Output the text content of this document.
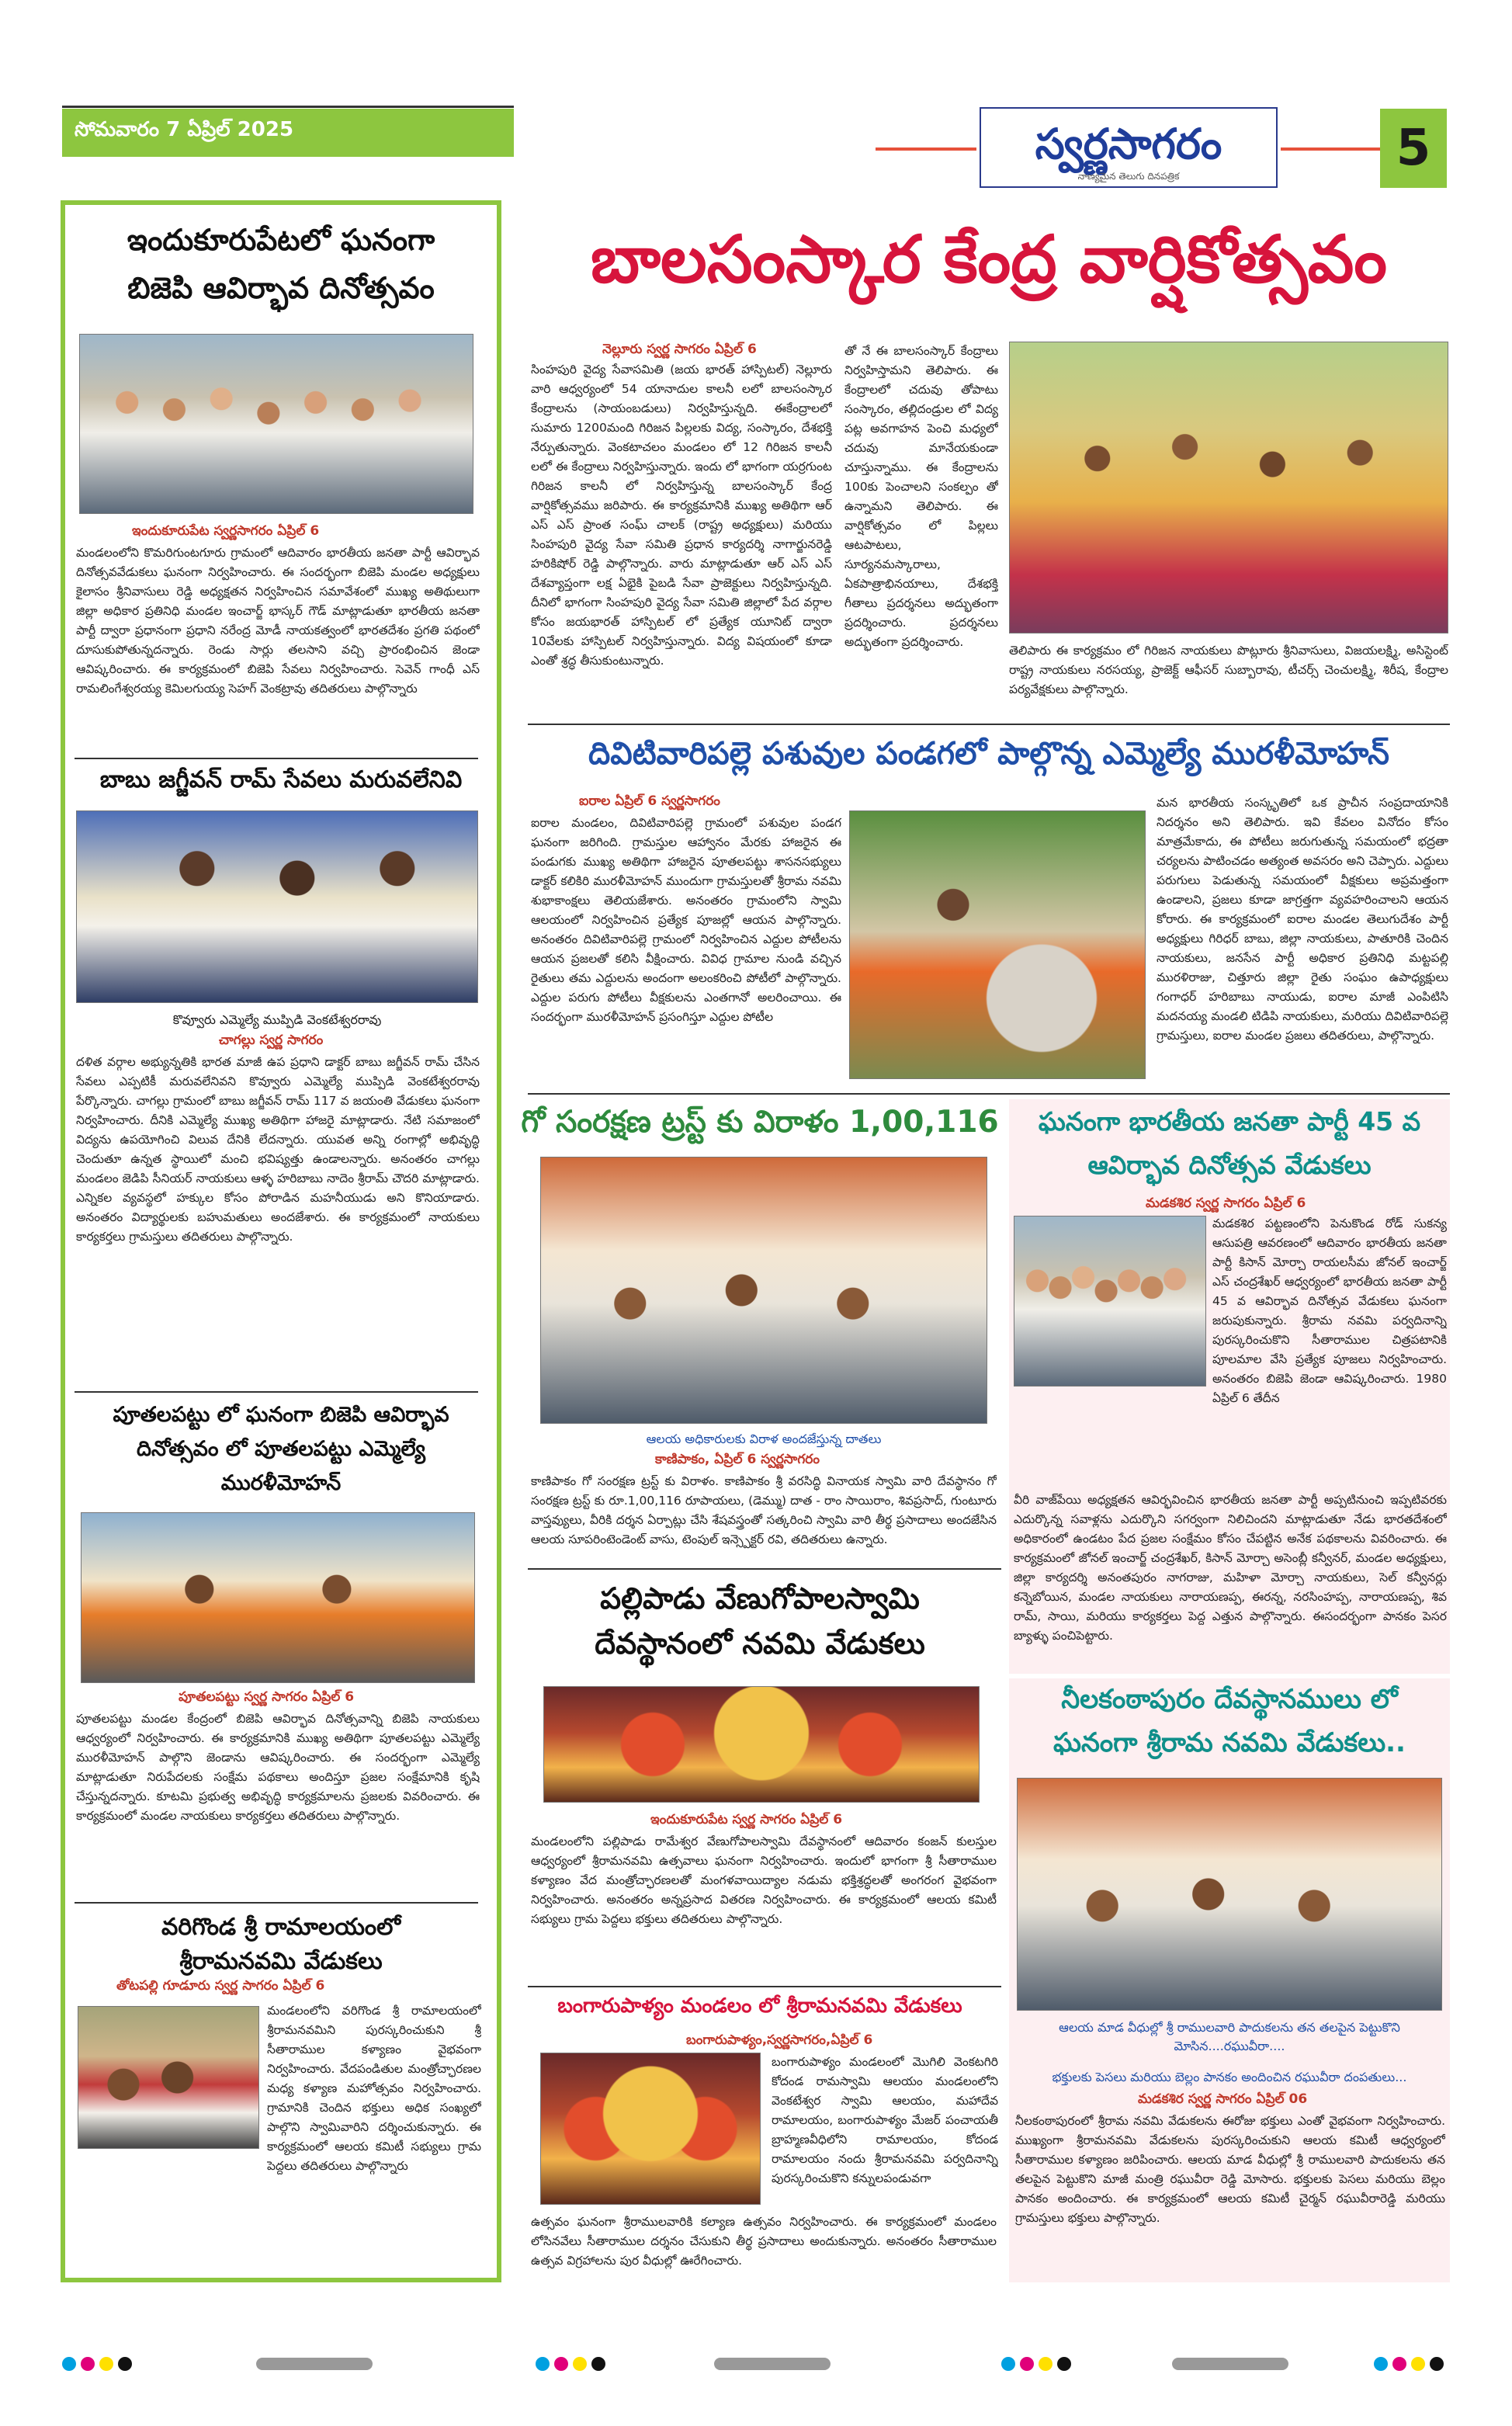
సోమవారం 7 ఏప్రిల్ 2025	స్వర్ణసాగరం
నాణ్యమైన తెలుగు దినపత్రిక	5
ఇందుకూరుపేటలో ఘనంగా
బిజెపి ఆవిర్భావ దినోత్సవం
ఇందుకూరుపేట స్వర్ణసాగరం ఏప్రిల్ 6
మండలంలోని కొమరిగుంటగూరు గ్రామంలో ఆదివారం భారతీయ జనతా పార్టీ ఆవిర్భావ దినోత్సవవేడుకలు ఘనంగా నిర్వహించారు. ఈ సందర్భంగా బిజెపి మండల అధ్యక్షులు కైలాసం శ్రీనివాసులు రెడ్డి అధ్యక్షతన నిర్వహించిన సమావేశంలో ముఖ్య అతిథులుగా జిల్లా అధికార ప్రతినిధి మండల ఇంచార్జ్ భాస్కర్ గౌడ్ మాట్లాడుతూ భారతీయ జనతా పార్టీ ద్వారా ప్రధానంగా ప్రధాని నరేంద్ర మోడీ నాయకత్వంలో భారతదేశం ప్రగతి పథంలో దూసుకుపోతున్నదన్నారు. రెండు సార్లు తలసాని వచ్చి ప్రారంభించిన జెండా ఆవిష్కరించారు. ఈ కార్యక్రమంలో బిజెపి సేవలు నిర్వహించారు. సెవెన్ గాంధీ ఎస్ రామలింగేశ్వరయ్య కెమిలగుయ్య సెహగ్ వెంకట్రావు తదితరులు పాల్గొన్నారు
బాబు జగ్జీవన్ రామ్ సేవలు మరువలేనివి
కొవ్వూరు ఎమ్మెల్యే ముప్పిడి వెంకటేశ్వరరావు
చాగల్లు స్వర్ణ సాగరం
దళిత వర్గాల అభ్యున్నతికి భారత మాజీ ఉప ప్రధాని డాక్టర్ బాబు జగ్జీవన్ రామ్ చేసిన సేవలు ఎప్పటికీ మరువలేనివని కొవ్వూరు ఎమ్మెల్యే ముప్పిడి వెంకటేశ్వరరావు పేర్కొన్నారు. చాగల్లు గ్రామంలో బాబు జగ్జీవన్ రామ్ 117 వ జయంతి వేడుకలు ఘనంగా నిర్వహించారు. దీనికి ఎమ్మెల్యే ముఖ్య అతిథిగా హాజరై మాట్లాడారు. నేటి సమాజంలో విద్యను ఉపయోగించి విలువ దేనికి లేదన్నారు. యువత అన్ని రంగాల్లో అభివృద్ధి చెందుతూ ఉన్నత స్థాయిలో మంచి భవిష్యత్తు ఉండాలన్నారు. అనంతరం చాగల్లు మండలం జెడిపి సీనియర్ నాయకులు ఆళ్ళ హరిబాబు నాదెం శ్రీరామ్ చౌదరి మాట్లాడారు. ఎన్నికల వ్యవస్థలో హక్కుల కోసం పోరాడిన మహనీయుడు అని కొనియాడారు. అనంతరం విద్యార్థులకు బహుమతులు అందజేశారు. ఈ కార్యక్రమంలో నాయకులు కార్యకర్తలు గ్రామస్తులు తదితరులు పాల్గొన్నారు.
పూతలపట్టు లో ఘనంగా బిజెపి ఆవిర్భావ
దినోత్సవం లో పూతలపట్టు ఎమ్మెల్యే
మురళీమోహన్
పూతలపట్టు స్వర్ణ సాగరం ఏప్రిల్ 6
పూతలపట్టు మండల కేంద్రంలో బిజెపి ఆవిర్భావ దినోత్సవాన్ని బిజెపి నాయకులు ఆధ్వర్యంలో నిర్వహించారు. ఈ కార్యక్రమానికి ముఖ్య అతిథిగా పూతలపట్టు ఎమ్మెల్యే మురళీమోహన్ పాల్గొని జెండాను ఆవిష్కరించారు. ఈ సందర్భంగా ఎమ్మెల్యే మాట్లాడుతూ నిరుపేదలకు సంక్షేమ పథకాలు అందిస్తూ ప్రజల సంక్షేమానికి కృషి చేస్తున్నదన్నారు. కూటమి ప్రభుత్వ అభివృద్ధి కార్యక్రమాలను ప్రజలకు వివరించారు. ఈ కార్యక్రమంలో మండల నాయకులు కార్యకర్తలు తదితరులు పాల్గొన్నారు.
వరిగొండ శ్రీ రామాలయంలో
శ్రీరామనవమి వేడుకలు
తోటపల్లి గూడూరు స్వర్ణ సాగరం ఏప్రిల్ 6
మండలంలోని వరిగొండ శ్రీ రామాలయంలో శ్రీరామనవమిని పురస్కరించుకుని శ్రీ సీతారాముల కళ్యాణం వైభవంగా నిర్వహించారు. వేదపండితుల మంత్రోచ్ఛారణల మధ్య కళ్యాణ మహోత్సవం నిర్వహించారు. గ్రామానికి చెందిన భక్తులు అధిక సంఖ్యలో పాల్గొని స్వామివారిని దర్శించుకున్నారు. ఈ కార్యక్రమంలో ఆలయ కమిటీ సభ్యులు గ్రామ పెద్దలు తదితరులు పాల్గొన్నారు
బాలసంస్కార కేంద్ర వార్షికోత్సవం
నెల్లూరు స్వర్ణ సాగరం ఏప్రిల్ 6
సింహపురి వైద్య సేవాసమితి (జయ భారత్ హాస్పిటల్) నెల్లూరు వారి ఆధ్వర్యంలో 54 యానాదుల కాలనీ లలో బాలసంస్కార కేంద్రాలను (సాయంబడులు) నిర్వహిస్తున్నది. ఈకేంద్రాలలో సుమారు 1200మంది గిరిజన పిల్లలకు విద్య, సంస్కారం, దేశభక్తి నేర్పుతున్నారు. వెంకటాచలం మండలం లో 12 గిరిజన కాలనీ లలో ఈ కేంద్రాలు నిర్వహిస్తున్నారు. ఇందు లో భాగంగా యర్రగుంట గిరిజన కాలనీ లో నిర్వహిస్తున్న బాలసంస్కార్ కేంద్ర వార్షికోత్సవము జరిపారు. ఈ కార్యక్రమానికి ముఖ్య అతిథిగా ఆర్ ఎస్ ఎస్ ప్రాంత సంఘ్ చాలక్ (రాష్ట్ర అధ్యక్షులు) మరియు సింహపురి వైద్య సేవా సమితి ప్రధాన కార్యదర్శి నాగార్జునరెడ్డి హరికిషోర్ రెడ్డి పాల్గొన్నారు. వారు మాట్లాడుతూ ఆర్ ఎస్ ఎస్ దేశవ్యాప్తంగా లక్ష ఏభైకి పైబడి సేవా ప్రాజెక్టులు నిర్వహిస్తున్నది. దీనిలో భాగంగా సింహపురి వైద్య సేవా సమితి జిల్లాలో పేద వర్గాల కోసం జయభారత్ హాస్పిటల్ లో ప్రత్యేక యూనిట్ ద్వారా 10వేలకు హాస్పిటల్ నిర్వహిస్తున్నారు. విద్య విషయంలో కూడా ఎంతో శ్రద్ధ తీసుకుంటున్నారు.
తో నే ఈ బాలసంస్కార్ కేంద్రాలు నిర్వహిస్తామని తెలిపారు. ఈ కేంద్రాలలో చదువు తోపాటు సంస్కారం, తల్లిదండ్రుల లో విద్య పట్ల అవగాహన పెంచి మధ్యలో చదువు మానేయకుండా చూస్తున్నాము. ఈ కేంద్రాలను 100కు పెంచాలని సంకల్పం తో ఉన్నామని తెలిపారు. ఈ వార్షికోత్సవం లో పిల్లలు ఆటపాటలు, సూర్యనమస్కారాలు, ఏకపాత్రాభినయాలు, దేశభక్తి గీతాలు ప్రదర్శనలు అద్భుతంగా ప్రదర్శించారు. ప్రదర్శనలు అద్భుతంగా ప్రదర్శించారు.
తెలిపారు ఈ కార్యక్రమం లో గిరిజన నాయకులు పొట్లూరు శ్రీనివాసులు, విజయలక్ష్మి, అసిస్టెంట్ రాష్ట్ర నాయకులు నరసయ్య, ప్రాజెక్ట్ ఆఫీసర్ సుబ్బారావు, టీచర్స్ చెంచులక్ష్మి, శిరీష, కేంద్రాల పర్యవేక్షకులు పాల్గొన్నారు.
దివిటివారిపల్లె పశువుల పండగలో పాల్గొన్న ఎమ్మెల్యే మురళీమోహన్
ఐరాల ఏప్రిల్ 6 స్వర్ణసాగరం
ఐరాల మండలం, దివిటివారిపల్లె గ్రామంలో పశువుల పండగ ఘనంగా జరిగింది. గ్రామస్తుల ఆహ్వానం మేరకు హాజరైన ఈ పండుగకు ముఖ్య అతిథిగా హాజరైన పూతలపట్టు శాసనసభ్యులు డాక్టర్ కలికిరి మురళీమోహన్ ముందుగా గ్రామస్తులతో శ్రీరామ నవమి శుభాకాంక్షలు తెలియజేశారు. అనంతరం గ్రామంలోని స్వామి ఆలయంలో నిర్వహించిన ప్రత్యేక పూజల్లో ఆయన పాల్గొన్నారు. అనంతరం దివిటివారిపల్లె గ్రామంలో నిర్వహించిన ఎద్దుల పోటీలను ఆయన ప్రజలతో కలిసి వీక్షించారు. వివిధ గ్రామాల నుండి వచ్చిన రైతులు తమ ఎద్దులను అందంగా అలంకరించి పోటీలో పాల్గొన్నారు. ఎద్దుల పరుగు పోటీలు వీక్షకులను ఎంతగానో అలరించాయి. ఈ సందర్భంగా మురళీమోహన్ ప్రసంగిస్తూ ఎద్దుల పోటీల
మన భారతీయ సంస్కృతిలో ఒక ప్రాచీన సంప్రదాయానికి నిదర్శనం అని తెలిపారు. ఇవి కేవలం వినోదం కోసం మాత్రమేకాదు, ఈ పోటీలు జరుగుతున్న సమయంలో భద్రతా చర్యలను పాటించడం అత్యంత అవసరం అని చెప్పారు. ఎద్దులు పరుగులు పెడుతున్న సమయంలో వీక్షకులు అప్రమత్తంగా ఉండాలని, ప్రజలు కూడా జాగ్రత్తగా వ్యవహరించాలని ఆయన కోరారు. ఈ కార్యక్రమంలో ఐరాల మండల తెలుగుదేశం పార్టీ అధ్యక్షులు గిరిధర్ బాబు, జిల్లా నాయకులు, పాతూరికి చెందిన నాయకులు, జనసేన పార్టీ అధికార ప్రతినిధి మట్టపల్లి మురళిరాజు, చిత్తూరు జిల్లా రైతు సంఘం ఉపాధ్యక్షులు గంగాధర్ హరిబాబు నాయుడు, ఐరాల మాజీ ఎంపిటిసి మదనయ్య మండలి టిడిపి నాయకులు, మరియు దివిటివారిపల్లె గ్రామస్తులు, ఐరాల మండల ప్రజలు తదితరులు, పాల్గొన్నారు.
గో సంరక్షణ ట్రస్ట్ కు విరాళం 1,00,116
ఆలయ అధికారులకు విరాళ అందజేస్తున్న దాతలు
కాణిపాకం, ఏప్రిల్ 6 స్వర్ణసాగరం
కాణిపాకం గో సంరక్షణ ట్రస్ట్ కు విరాళం. కాణిపాకం శ్రీ వరసిద్ధి వినాయక స్వామి వారి దేవస్థానం గో సంరక్షణ ట్రస్ట్ కు రూ.1,00,116 రూపాయలు, (డెమ్ము) దాత - రాం సాయిరాం, శివప్రసాద్, గుంటూరు వాస్తవ్యులు, వీరికి దర్శన ఏర్పాట్లు చేసి శేషవస్త్రంతో సత్కరించి స్వామి వారి తీర్థ ప్రసాదాలు అందజేసిన ఆలయ సూపరింటెండెంట్ వాసు, టెంపుల్ ఇన్స్పెక్టర్ రవి, తదితరులు ఉన్నారు.
పల్లిపాడు వేణుగోపాలస్వామి
దేవస్థానంలో నవమి వేడుకలు
ఇందుకూరుపేట స్వర్ణ సాగరం ఏప్రిల్ 6
మండలంలోని పల్లిపాడు రామేశ్వర వేణుగోపాలస్వామి దేవస్థానంలో ఆదివారం కంజన్ కులస్తుల ఆధ్వర్యంలో శ్రీరామనవమి ఉత్సవాలు ఘనంగా నిర్వహించారు. ఇందులో భాగంగా శ్రీ సీతారాముల కళ్యాణం వేద మంత్రోచ్ఛారణలతో మంగళవాయిద్యాల నడుమ భక్తిశ్రద్ధలతో అంగరంగ వైభవంగా నిర్వహించారు. అనంతరం అన్నప్రసాద వితరణ నిర్వహించారు. ఈ కార్యక్రమంలో ఆలయ కమిటీ సభ్యులు గ్రామ పెద్దలు భక్తులు తదితరులు పాల్గొన్నారు.
బంగారుపాళ్యం మండలం లో శ్రీరామనవమి వేడుకలు
బంగారుపాళ్యం,స్వర్ణసాగరం,ఏప్రిల్ 6
బంగారుపాళ్యం మండలంలో మొగిలి వెంకటగిరి కోదండ రామస్వామి ఆలయం మండలంలోని వెంకటేశ్వర స్వామి ఆలయం, మహాదేవ రామాలయం, బంగారుపాళ్యం మేజర్ పంచాయతీ బ్రాహ్మణవీధిలోని రామాలయం, కోదండ రామాలయం నందు శ్రీరామనవమి పర్వదినాన్ని పురస్కరించుకొని కన్నులపండువగా
ఉత్సవం ఘనంగా శ్రీరాములవారికి కల్యాణ ఉత్సవం నిర్వహించారు. ఈ కార్యక్రమంలో మండలం లోసినవేలు సీతారాముల దర్శనం చేసుకుని తీర్థ ప్రసాదాలు అందుకున్నారు. అనంతరం సీతారాముల ఉత్సవ విగ్రహాలను పుర వీధుల్లో ఊరేగించారు.
ఘనంగా భారతీయ జనతా పార్టీ 45 వ
ఆవిర్భావ దినోత్సవ వేడుకలు
మడకశిర స్వర్ణ సాగరం ఏప్రిల్ 6
మడకశిర పట్టణంలోని పెనుకొండ రోడ్ సుకన్య ఆసుపత్రి ఆవరణంలో ఆదివారం భారతీయ జనతా పార్టీ కిసాన్ మోర్చా రాయలసీమ జోనల్ ఇంచార్జ్ ఎస్ చంద్రశేఖర్ ఆధ్వర్యంలో భారతీయ జనతా పార్టీ 45 వ ఆవిర్భావ దినోత్సవ వేడుకలు ఘనంగా జరుపుకున్నారు. శ్రీరామ నవమి పర్వదినాన్ని పురస్కరించుకొని సీతారాముల చిత్రపటానికి పూలమాల వేసి ప్రత్యేక పూజలు నిర్వహించారు. అనంతరం బిజెపి జెండా ఆవిష్కరించారు. 1980 ఏప్రిల్ 6 తేదీన
వీరి వాజ్‌పేయి అధ్యక్షతన ఆవిర్భవించిన భారతీయ జనతా పార్టీ అప్పటినుంచి ఇప్పటివరకు ఎదుర్కొన్న సవాళ్లను ఎదుర్కొని సగర్వంగా నిలిచిందని మాట్లాడుతూ నేడు భారతదేశంలో అధికారంలో ఉండటం పేద ప్రజల సంక్షేమం కోసం చేపట్టిన అనేక పథకాలను వివరించారు. ఈ కార్యక్రమంలో జోనల్ ఇంచార్జ్ చంద్రశేఖర్, కిసాన్ మోర్చా అసెంబ్లీ కన్వీనర్, మండల అధ్యక్షులు, జిల్లా కార్యదర్శి అనంతపురం నాగరాజు, మహిళా మోర్చా నాయకులు, సెల్ కన్వీనర్లు కన్నెబోయిన, మండల నాయకులు నారాయణప్ప, ఈరన్న, నరసింహప్ప, నారాయణప్ప, శివ రామ్, సాయి, మరియు కార్యకర్తలు పెద్ద ఎత్తున పాల్గొన్నారు. ఈసందర్భంగా పానకం పెసర బ్యాళ్ళు పంచిపెట్టారు.
నీలకంఠాపురం దేవస్థానములు లో
ఘనంగా శ్రీరామ నవమి వేడుకలు..
ఆలయ మాడ వీధుల్లో శ్రీ రాములవారి పాదుకలను తన తలపైన పెట్టుకొని మోసిన....రఘువీరా....
భక్తులకు పెసలు మరియు బెల్లం పానకం అందించిన రఘువీరా దంపతులు...
మడకశిర స్వర్ణ సాగరం ఏప్రిల్ 06
నీలకంఠాపురంలో శ్రీరామ నవమి వేడుకలను ఈరోజు భక్తులు ఎంతో వైభవంగా నిర్వహించారు. ముఖ్యంగా శ్రీరామనవమి వేడుకలను పురస్కరించుకుని ఆలయ కమిటీ ఆధ్వర్యంలో సీతారాముల కళ్యాణం జరిపించారు. ఆలయ మాడ వీధుల్లో శ్రీ రాములవారి పాదుకలను తన తలపైన పెట్టుకొని మాజీ మంత్రి రఘువీరా రెడ్డి మోసారు. భక్తులకు పెసలు మరియు బెల్లం పానకం అందించారు. ఈ కార్యక్రమంలో ఆలయ కమిటీ చైర్మన్ రఘువీరారెడ్డి మరియు గ్రామస్తులు భక్తులు పాల్గొన్నారు.
